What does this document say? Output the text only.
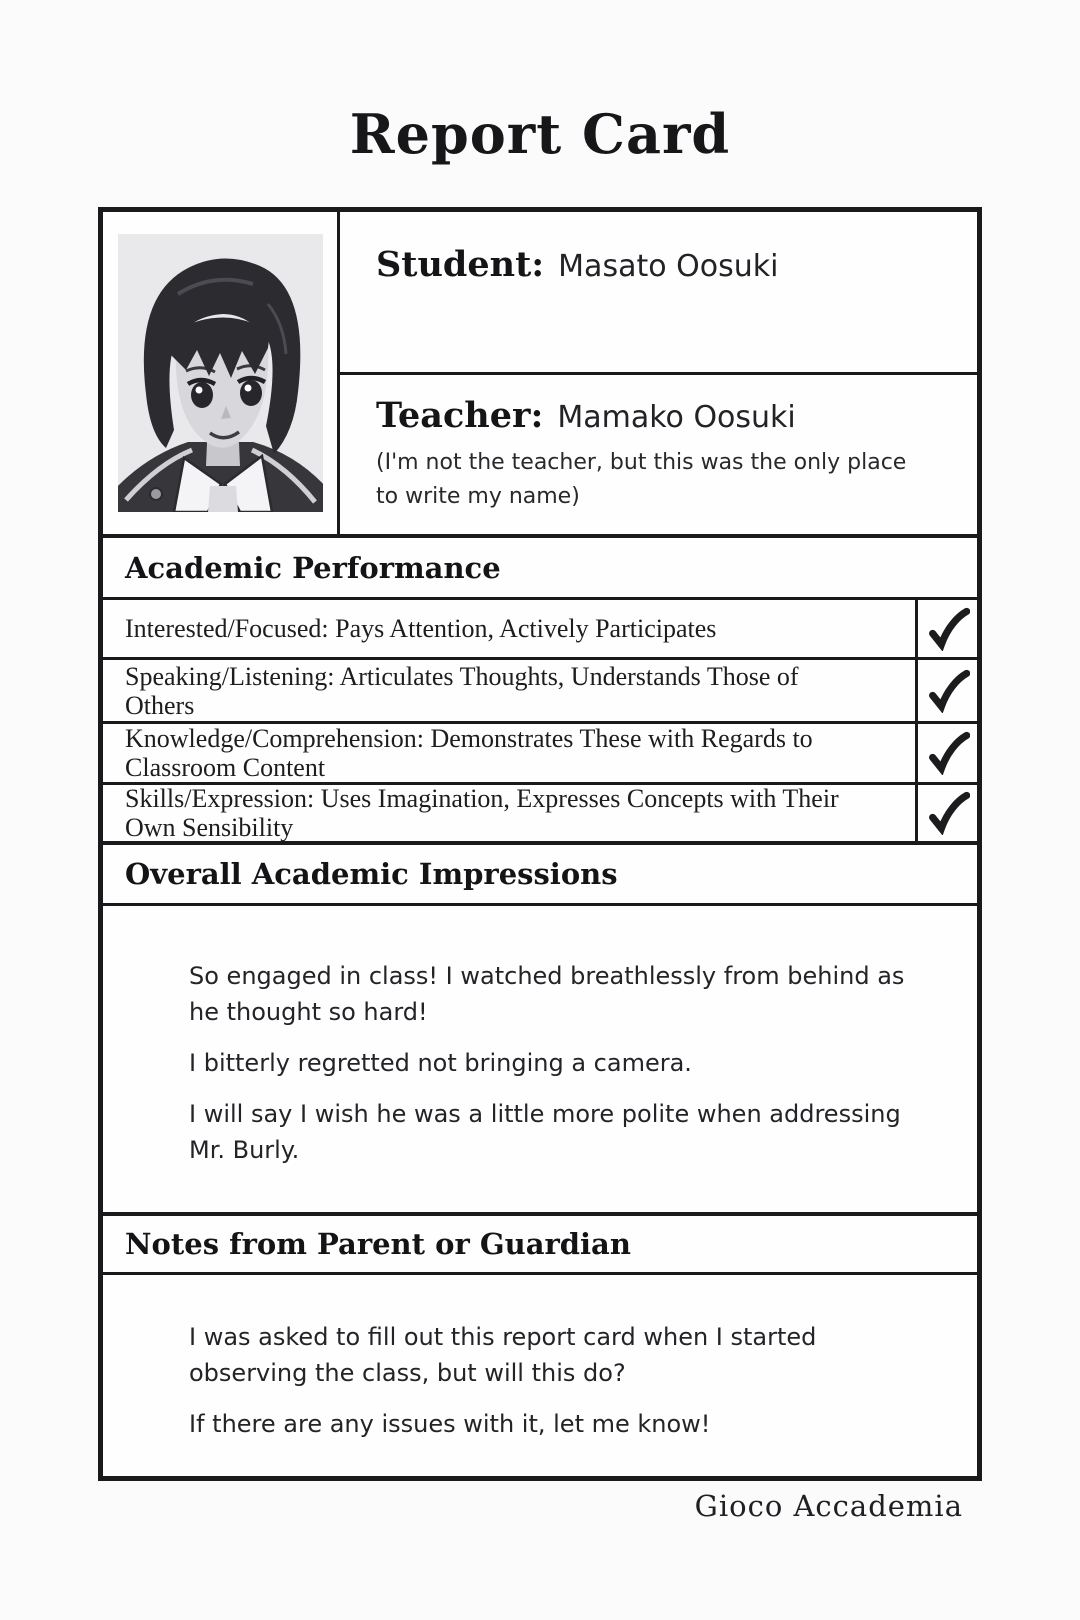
Report Card
Student: Masato Oosuki
Teacher: Mamako Oosuki
(I'm not the teacher, but this was the only place to write my name)
Academic Performance
Interested/Focused: Pays Attention, Actively Participates
Speaking/Listening: Articulates Thoughts, Understands Those of Others
Knowledge/Comprehension: Demonstrates These with Regards to Classroom Content
Skills/Expression: Uses Imagination, Expresses Concepts with Their Own Sensibility
Overall Academic Impressions

So engaged in class! I watched breathlessly from behind as he thought so hard!

I bitterly regretted not bringing a camera.

I will say I wish he was a little more polite when addressing Mr. Burly.

Notes from Parent or Guardian

I was asked to fill out this report card when I started observing the class, but will this do?

If there are any issues with it, let me know!

Gioco Accademia
